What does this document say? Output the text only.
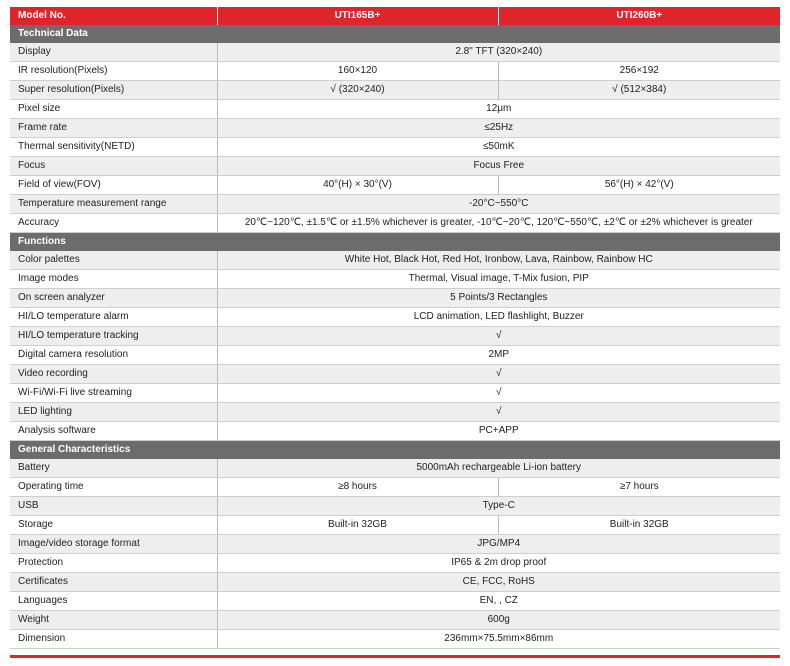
Model No.	UTI165B+	UTI260B+
Technical Data		
Display	2.8" TFT (320×240)	
IR resolution(Pixels)	160×120	256×192
Super resolution(Pixels)	√ (320×240)	√ (512×384)
Pixel size	12μm	
Frame rate	≤25Hz	
Thermal sensitivity(NETD)	≤50mK	
Focus	Focus Free	
Field of view(FOV)	40°(H) × 30°(V)	56°(H) × 42°(V)
Temperature measurement range	-20°C~550°C	
Accuracy	20℃~120℃, ±1.5℃ or ±1.5% whichever is greater, -10℃~20℃, 120℃~550℃, ±2℃ or ±2% whichever is greater	
Functions		
Color palettes	White Hot, Black Hot, Red Hot, Ironbow, Lava, Rainbow, Rainbow HC	
Image modes	Thermal, Visual image, T-Mix fusion, PIP	
On screen analyzer	5 Points/3 Rectangles	
HI/LO temperature alarm	LCD animation, LED flashlight, Buzzer	
HI/LO temperature tracking	√	
Digital camera resolution	2MP	
Video recording	√	
Wi-Fi/Wi-Fi live streaming	√	
LED lighting	√	
Analysis software	PC+APP	
General Characteristics		
Battery	5000mAh rechargeable Li-ion battery	
Operating time	≥8 hours	≥7 hours
USB	Type-C	
Storage	Built-in 32GB	Built-in 32GB
Image/video storage format	JPG/MP4	
Protection	IP65 & 2m drop proof	
Certificates	CE, FCC, RoHS	
Languages	EN, , CZ	
Weight	600g	
Dimension	236mm×75.5mm×86mm	
